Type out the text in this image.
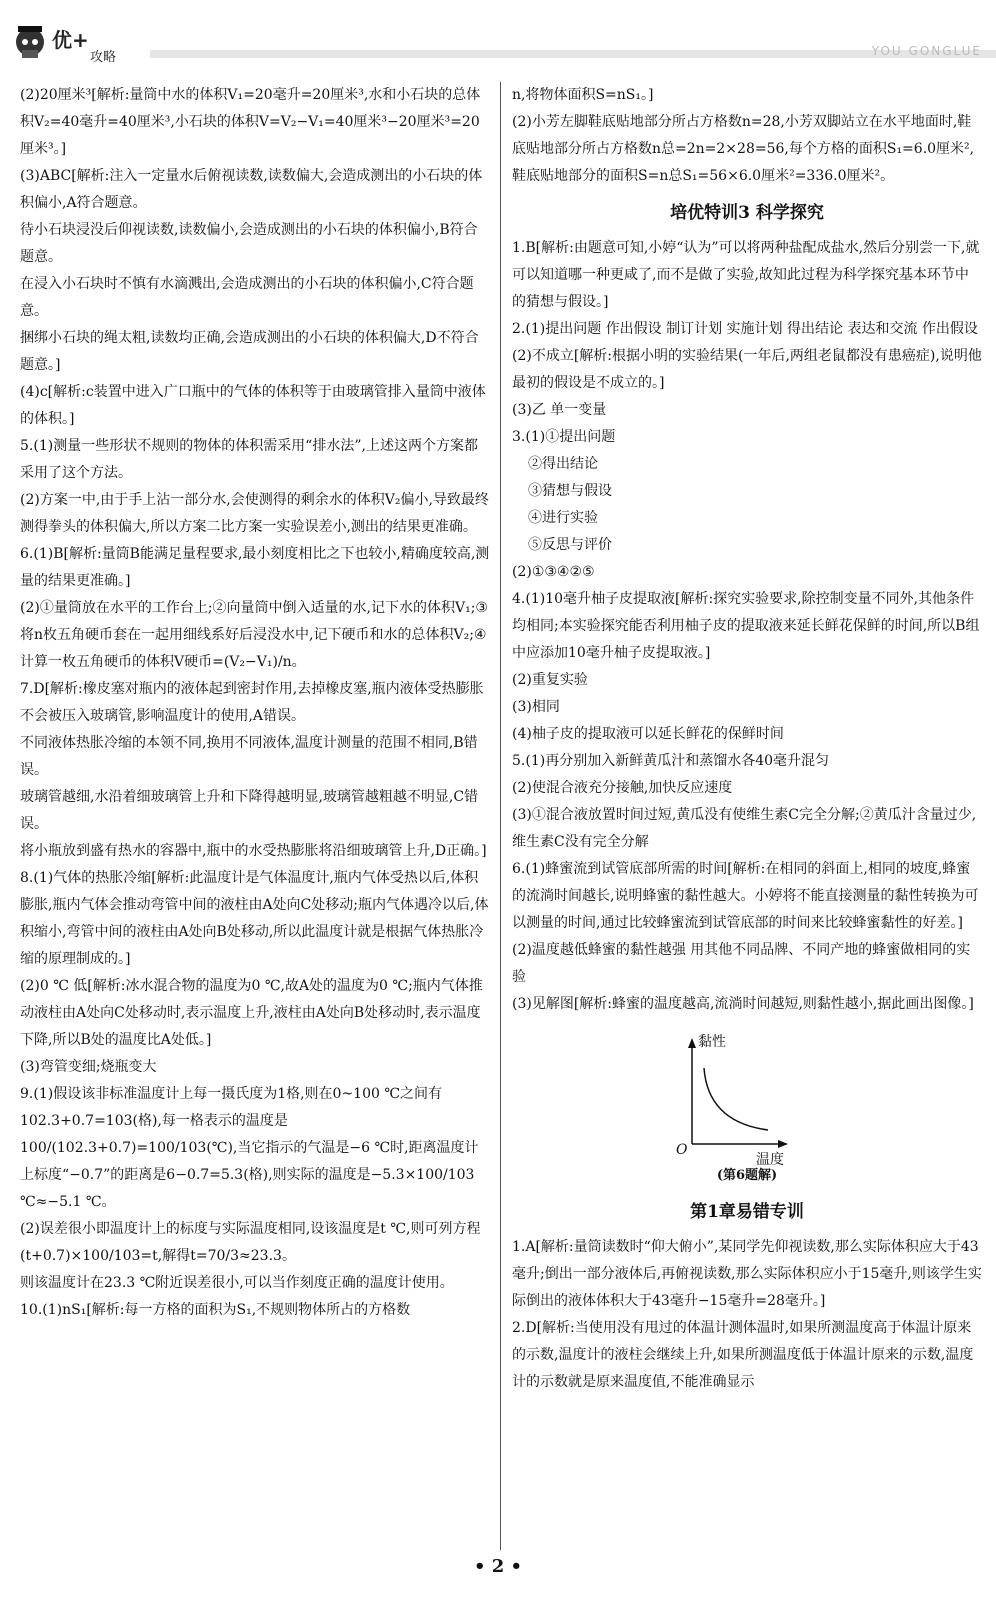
优+
攻略	YOU GONGLUE

(2)20厘米³[解析:量筒中水的体积V₁=20毫升=20厘米³,水和小石块的总体积V₂=40毫升=40厘米³,小石块的体积V=V₂−V₁=40厘米³−20厘米³=20厘米³。]

(3)ABC[解析:注入一定量水后俯视读数,读数偏大,会造成测出的小石块的体积偏小,A符合题意。

待小石块浸没后仰视读数,读数偏小,会造成测出的小石块的体积偏小,B符合题意。

在浸入小石块时不慎有水滴溅出,会造成测出的小石块的体积偏小,C符合题意。

捆绑小石块的绳太粗,读数均正确,会造成测出的小石块的体积偏大,D不符合题意。]

(4)c[解析:c装置中进入广口瓶中的气体的体积等于由玻璃管排入量筒中液体的体积。]

5.(1)测量一些形状不规则的物体的体积需采用“排水法”,上述这两个方案都采用了这个方法。

(2)方案一中,由于手上沾一部分水,会使测得的剩余水的体积V₂偏小,导致最终测得拳头的体积偏大,所以方案二比方案一实验误差小,测出的结果更准确。

6.(1)B[解析:量筒B能满足量程要求,最小刻度相比之下也较小,精确度较高,测量的结果更准确。]

(2)①量筒放在水平的工作台上;②向量筒中倒入适量的水,记下水的体积V₁;③将n枚五角硬币套在一起用细线系好后浸没水中,记下硬币和水的总体积V₂;④计算一枚五角硬币的体积V硬币=(V₂−V₁)/n。

7.D[解析:橡皮塞对瓶内的液体起到密封作用,去掉橡皮塞,瓶内液体受热膨胀不会被压入玻璃管,影响温度计的使用,A错误。

不同液体热胀冷缩的本领不同,换用不同液体,温度计测量的范围不相同,B错误。

玻璃管越细,水沿着细玻璃管上升和下降得越明显,玻璃管越粗越不明显,C错误。

将小瓶放到盛有热水的容器中,瓶中的水受热膨胀将沿细玻璃管上升,D正确。]

8.(1)气体的热胀冷缩[解析:此温度计是气体温度计,瓶内气体受热以后,体积膨胀,瓶内气体会推动弯管中间的液柱由A处向C处移动;瓶内气体遇冷以后,体积缩小,弯管中间的液柱由A处向B处移动,所以此温度计就是根据气体热胀冷缩的原理制成的。]

(2)0 ℃ 低[解析:冰水混合物的温度为0 ℃,故A处的温度为0 ℃;瓶内气体推动液柱由A处向C处移动时,表示温度上升,液柱由A处向B处移动时,表示温度下降,所以B处的温度比A处低。]

(3)弯管变细;烧瓶变大

9.(1)假设该非标准温度计上每一摄氏度为1格,则在0~100 ℃之间有102.3+0.7=103(格),每一格表示的温度是100/(102.3+0.7)=100/103(℃),当它指示的气温是−6 ℃时,距离温度计上标度“−0.7”的距离是6−0.7=5.3(格),则实际的温度是−5.3×100/103 ℃≈−5.1 ℃。

(2)误差很小即温度计上的标度与实际温度相同,设该温度是t ℃,则可列方程(t+0.7)×100/103=t,解得t=70/3≈23.3。

则该温度计在23.3 ℃附近误差很小,可以当作刻度正确的温度计使用。

10.(1)nS₁[解析:每一方格的面积为S₁,不规则物体所占的方格数

n,将物体面积S=nS₁。]

(2)小芳左脚鞋底贴地部分所占方格数n=28,小芳双脚站立在水平地面时,鞋底贴地部分所占方格数n总=2n=2×28=56,每个方格的面积S₁=6.0厘米²,鞋底贴地部分的面积S=n总S₁=56×6.0厘米²=336.0厘米²。

培优特训3 科学探究

1.B[解析:由题意可知,小婷“认为”可以将两种盐配成盐水,然后分别尝一下,就可以知道哪一种更咸了,而不是做了实验,故知此过程为科学探究基本环节中的猜想与假设。]

2.(1)提出问题 作出假设 制订计划 实施计划 得出结论 表达和交流 作出假设

(2)不成立[解析:根据小明的实验结果(一年后,两组老鼠都没有患癌症),说明他最初的假设是不成立的。]

(3)乙 单一变量

3.(1)①提出问题

②得出结论

③猜想与假设

④进行实验

⑤反思与评价

(2)①③④②⑤

4.(1)10毫升柚子皮提取液[解析:探究实验要求,除控制变量不同外,其他条件均相同;本实验探究能否利用柚子皮的提取液来延长鲜花保鲜的时间,所以B组中应添加10毫升柚子皮提取液。]

(2)重复实验

(3)相同

(4)柚子皮的提取液可以延长鲜花的保鲜时间

5.(1)再分别加入新鲜黄瓜汁和蒸馏水各40毫升混匀

(2)使混合液充分接触,加快反应速度

(3)①混合液放置时间过短,黄瓜没有使维生素C完全分解;②黄瓜汁含量过少,维生素C没有完全分解

6.(1)蜂蜜流到试管底部所需的时间[解析:在相同的斜面上,相同的坡度,蜂蜜的流淌时间越长,说明蜂蜜的黏性越大。小婷将不能直接测量的黏性转换为可以测量的时间,通过比较蜂蜜流到试管底部的时间来比较蜂蜜黏性的好差。]

(2)温度越低蜂蜜的黏性越强 用其他不同品牌、不同产地的蜂蜜做相同的实验

(3)见解图[解析:蜂蜜的温度越高,流淌时间越短,则黏性越小,据此画出图像。]

黏性
温度
O
(第6题解)
第1章易错专训

1.A[解析:量筒读数时“仰大俯小”,某同学先仰视读数,那么实际体积应大于43毫升;倒出一部分液体后,再俯视读数,那么实际体积应小于15毫升,则该学生实际倒出的液体体积大于43毫升−15毫升=28毫升。]

2.D[解析:当使用没有甩过的体温计测体温时,如果所测温度高于体温计原来的示数,温度计的液柱会继续上升,如果所测温度低于体温计原来的示数,温度计的示数就是原来温度值,不能准确显示

• 2 •
